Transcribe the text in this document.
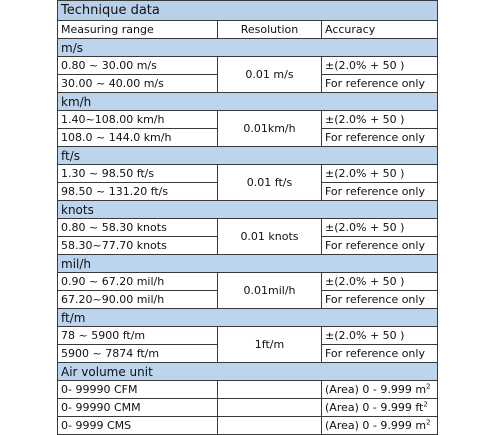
Technique data		
Measuring range	Resolution	Accuracy
m/s		
0.80 ~ 30.00 m/s	0.01 m/s	±(2.0% + 50 )
30.00 ~ 40.00 m/s		For reference only
km/h		
1.40~108.00 km/h	0.01km/h	±(2.0% + 50 )
108.0 ~ 144.0 km/h		For reference only
ft/s		
1.30 ~ 98.50 ft/s	0.01 ft/s	±(2.0% + 50 )
98.50 ~ 131.20 ft/s		For reference only
knots		
0.80 ~ 58.30 knots	0.01 knots	±(2.0% + 50 )
58.30~77.70 knots		For reference only
mil/h		
0.90 ~ 67.20 mil/h	0.01mil/h	±(2.0% + 50 )
67.20~90.00 mil/h		For reference only
ft/m		
78 ~ 5900 ft/m	1ft/m	±(2.0% + 50 )
5900 ~ 7874 ft/m		For reference only
Air volume unit		
0- 99990 CFM		(Area) 0 - 9.999 $m^2$
0- 99990 CMM		(Area) 0 - 9.999 $ft^2$
0- 9999 CMS		(Area) 0 - 9.999 $m^2$
